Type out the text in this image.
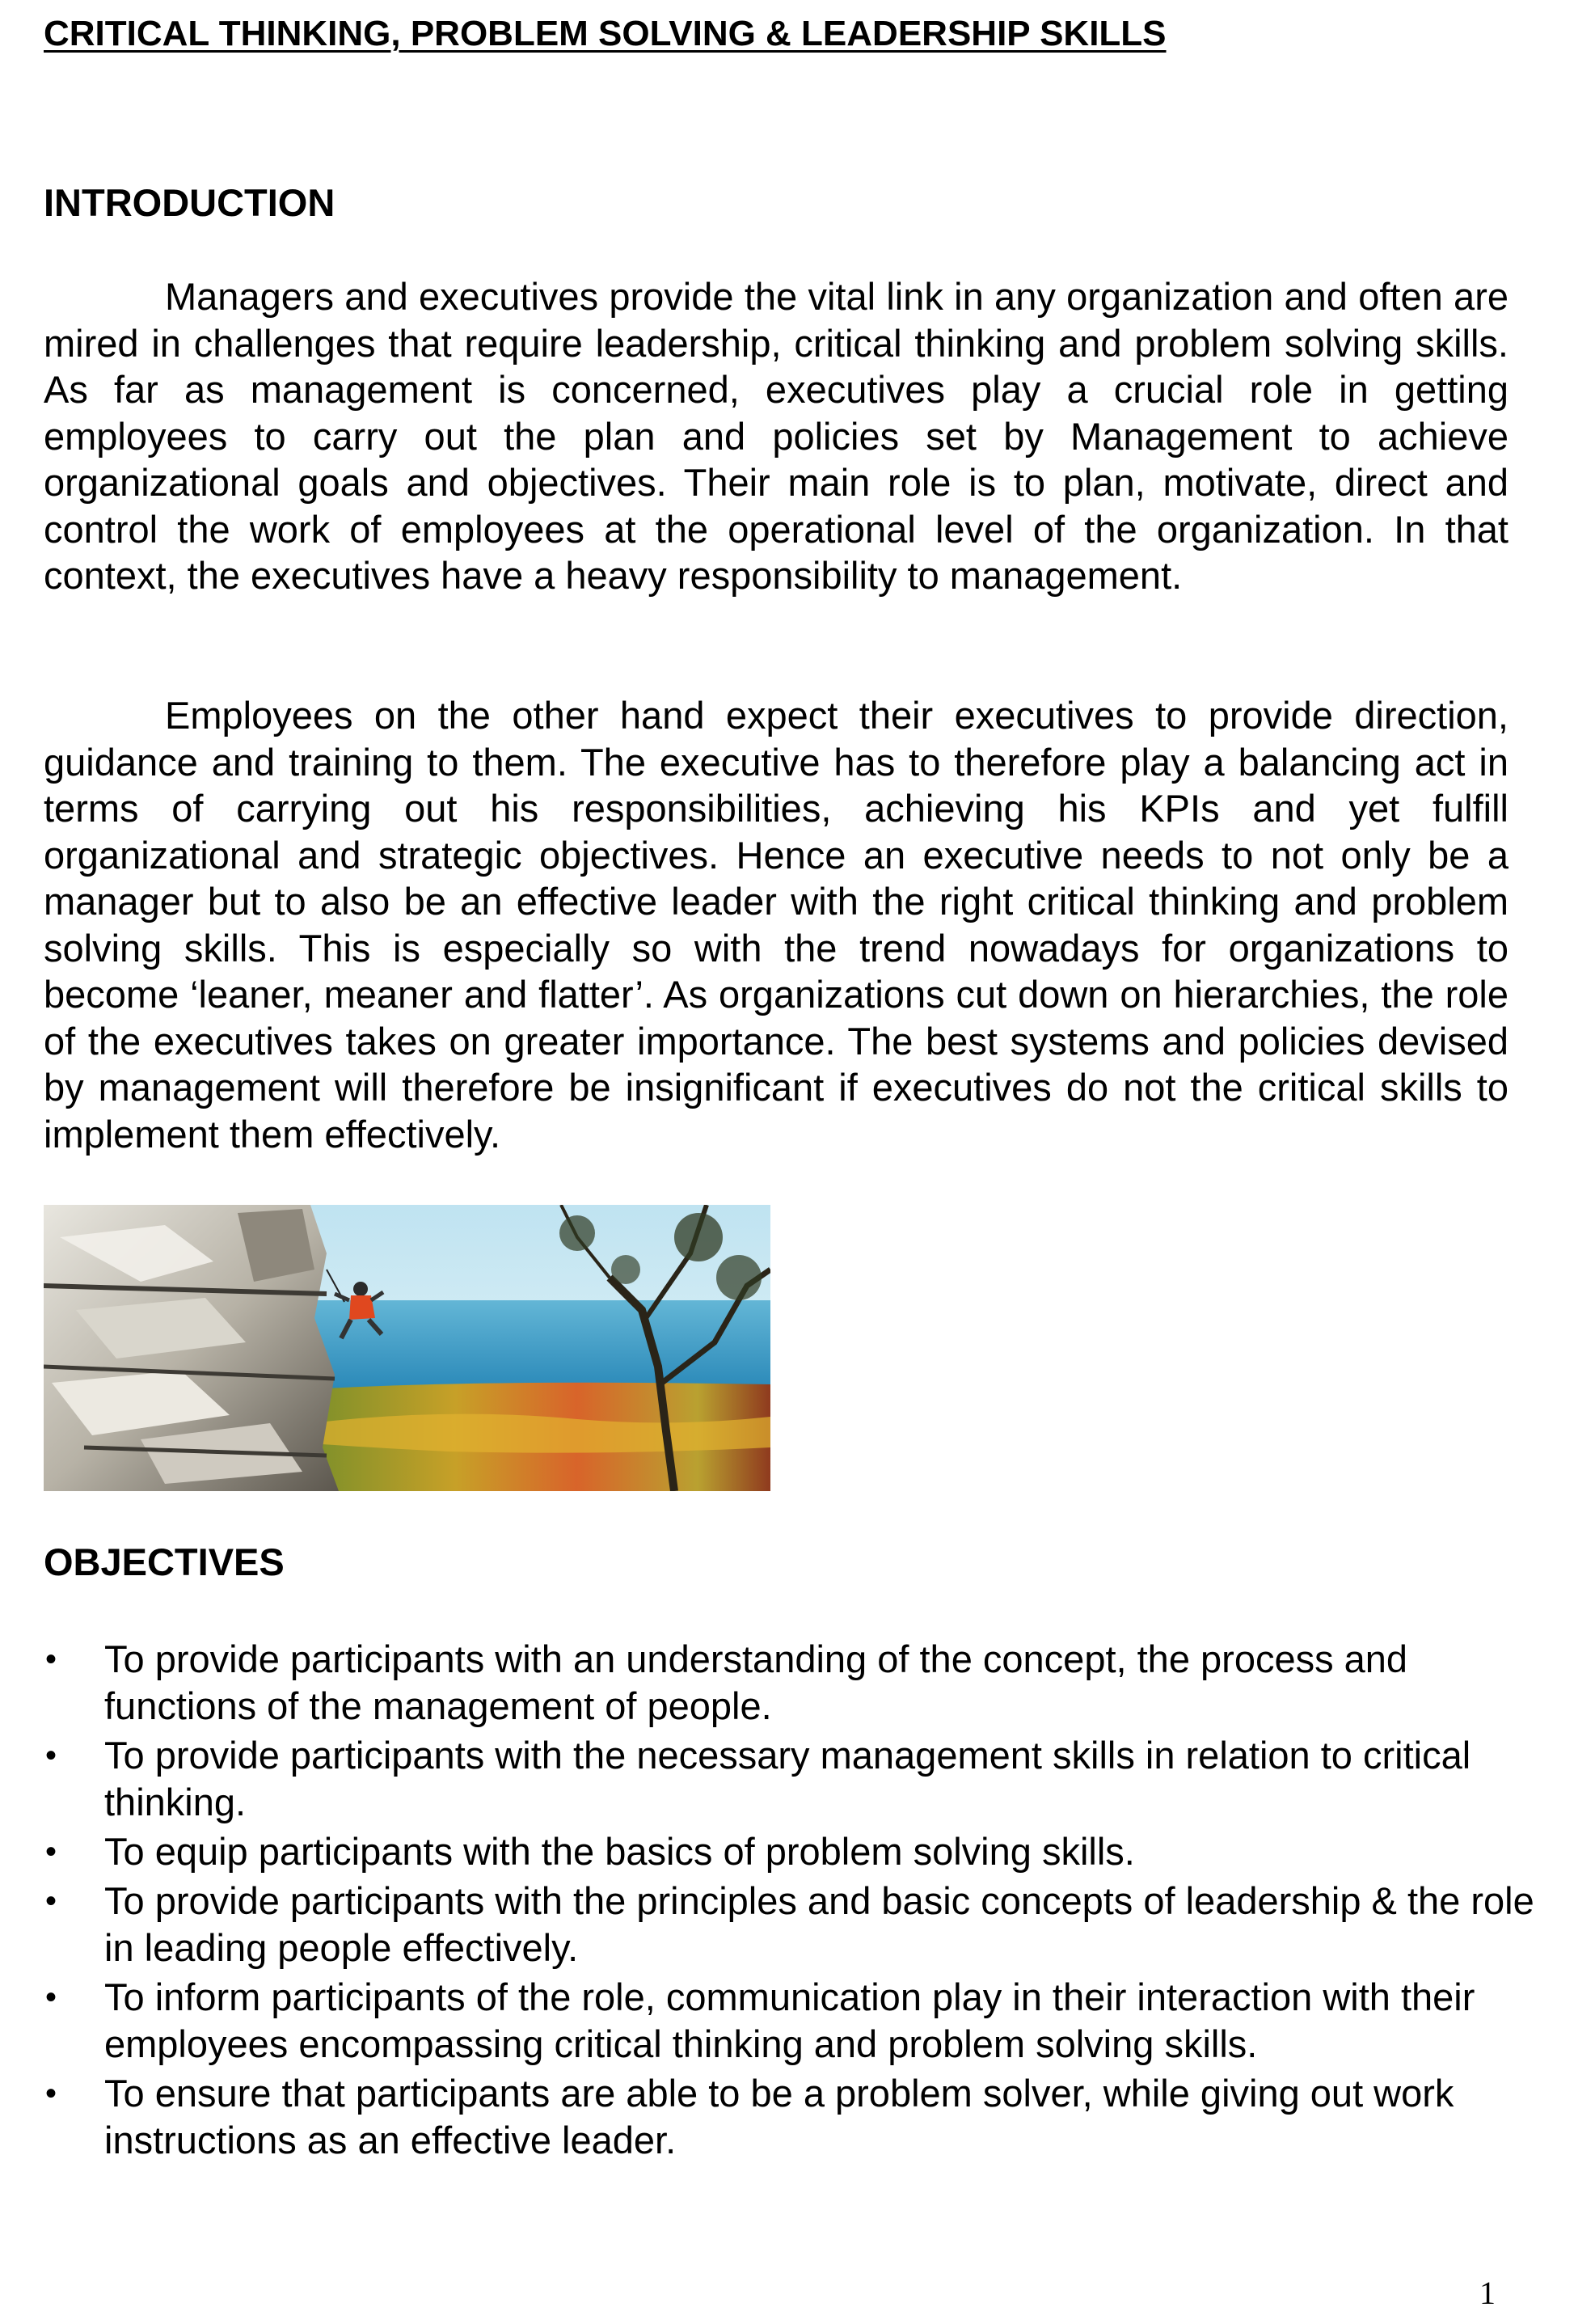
CRITICAL THINKING, PROBLEM SOLVING & LEADERSHIP SKILLS
INTRODUCTION

Managers and executives provide the vital link in any organization and often are mired in challenges that require leadership, critical thinking and problem solving skills. As far as management is concerned, executives play a crucial role in getting employees to carry out the plan and policies set by Management to achieve organizational goals and objectives. Their main role is to plan, motivate, direct and control the work of employees at the operational level of the organization. In that context, the executives have a heavy responsibility to management.

Employees on the other hand expect their executives to provide direction, guidance and training to them. The executive has to therefore play a balancing act in terms of carrying out his responsibilities, achieving his KPIs and yet fulfill organizational and strategic objectives. Hence an executive needs to not only be a manager but to also be an effective leader with the right critical thinking and problem solving skills. This is especially so with the trend nowadays for organizations to become ‘leaner, meaner and flatter’. As organizations cut down on hierarchies, the role of the executives takes on greater importance. The best systems and policies devised by management will therefore be insignificant if executives do not the critical skills to implement them effectively.

OBJECTIVES
•	To provide participants with an understanding of the concept, the process and functions of the management of people.
•	To provide participants with the necessary management skills in relation to critical thinking.
•	To equip participants with the basics of problem solving skills.
•	To provide participants with the principles and basic concepts of leadership & the role in leading people effectively.
•	To inform participants of the role, communication play in their interaction with their employees encompassing critical thinking and problem solving skills.
•	To ensure that participants are able to be a problem solver, while giving out work instructions as an effective leader.

1
